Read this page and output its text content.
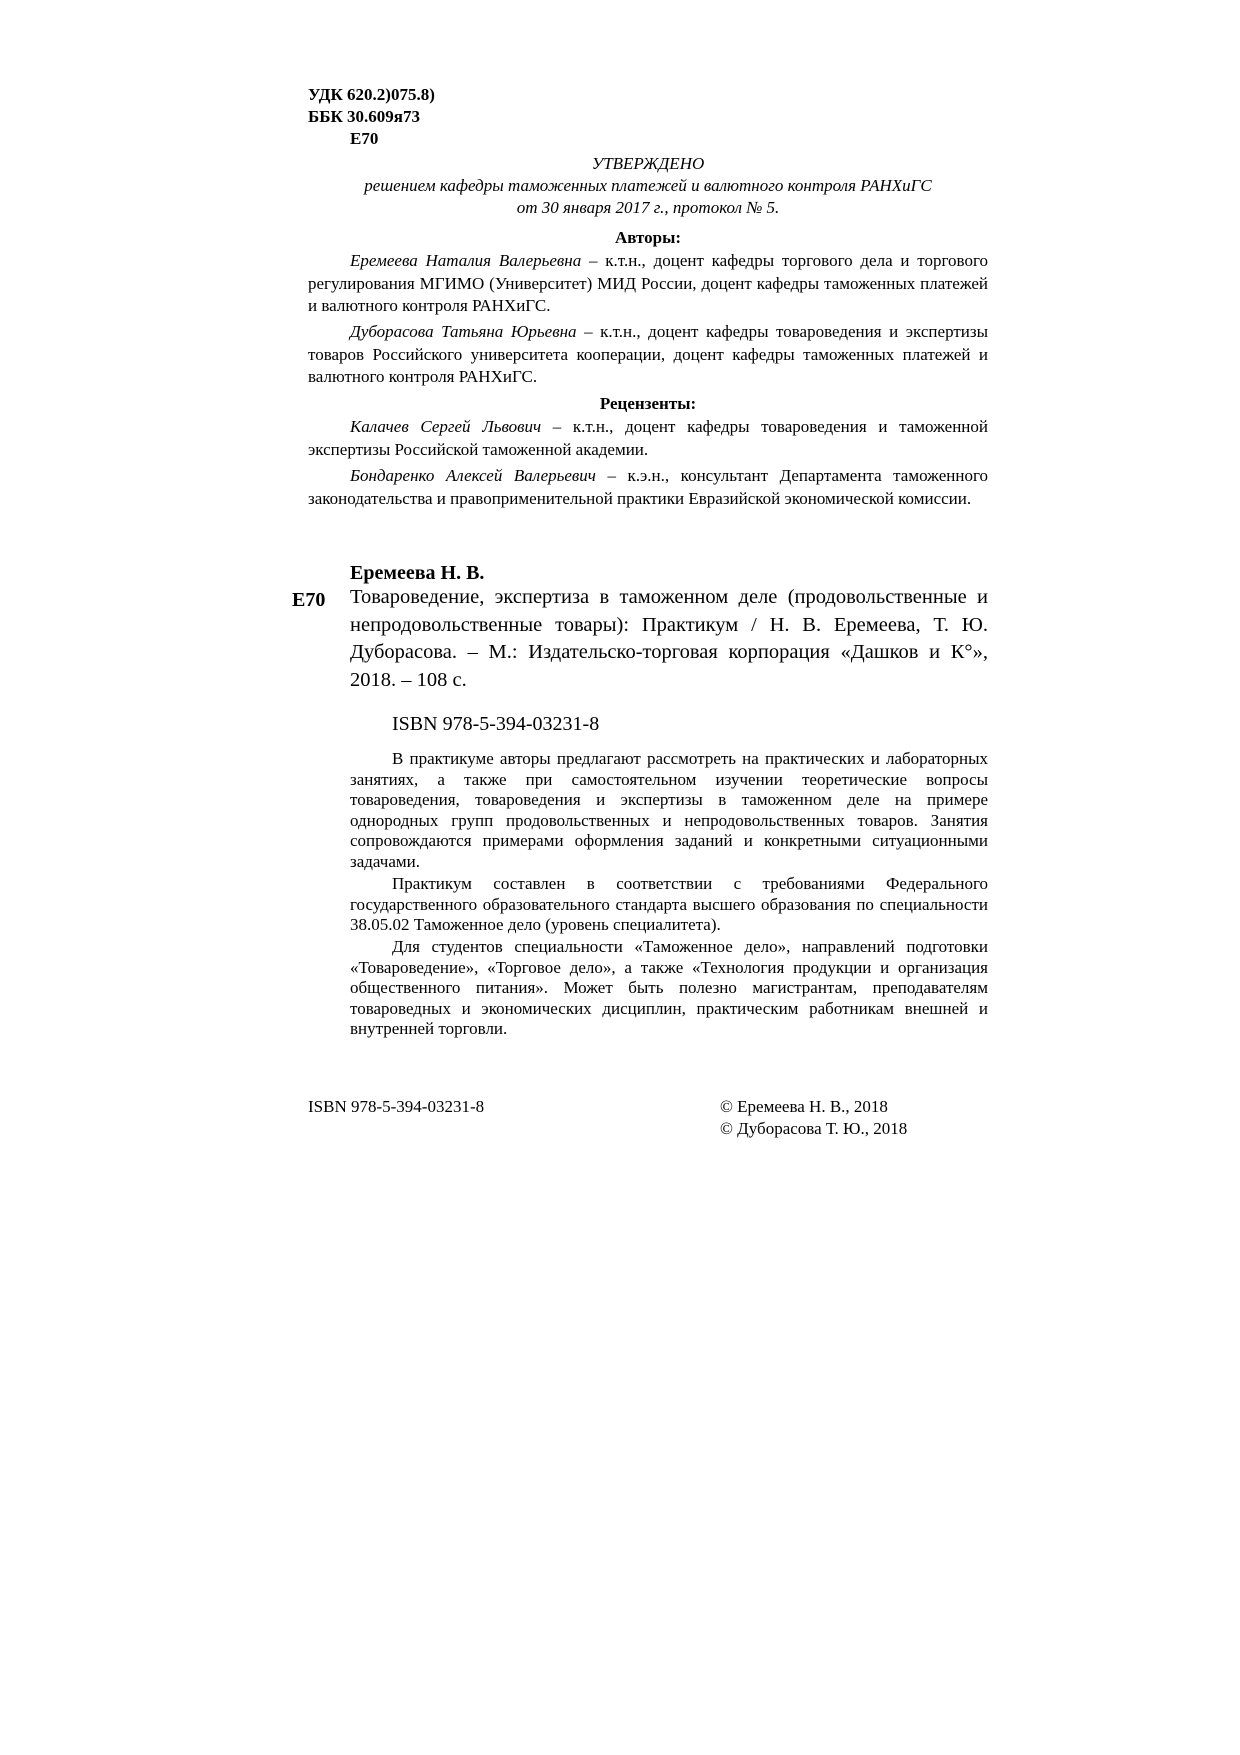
УДК 620.2)075.8)
ББК 30.609я73
Е70
УТВЕРЖДЕНО
решением кафедры таможенных платежей и валютного контроля РАНХиГС
от 30 января 2017 г., протокол № 5.
Авторы:
Еремеева Наталия Валерьевна – к.т.н., доцент кафедры торгового дела и торгового регулирования МГИМО (Университет) МИД России, доцент кафедры таможенных платежей и валютного контроля РАНХиГС.
Дуборасова Татьяна Юрьевна – к.т.н., доцент кафедры товароведения и экспертизы товаров Российского университета кооперации, доцент кафедры таможенных платежей и валютного контроля РАНХиГС.
Рецензенты:
Калачев Сергей Львович – к.т.н., доцент кафедры товароведения и таможенной экспертизы Российской таможенной академии.
Бондаренко Алексей Валерьевич – к.э.н., консультант Департамента таможенного законодательства и правоприменительной практики Евразийской экономической комиссии.
Еремеева Н. В.
Е70 Товароведение, экспертиза в таможенном деле (продовольственные и непродовольственные товары): Практикум / Н. В. Еремеева, Т. Ю. Дуборасова. – М.: Издательско-торговая корпорация «Дашков и К°», 2018. – 108 с.
ISBN 978-5-394-03231-8
В практикуме авторы предлагают рассмотреть на практических и лабораторных занятиях, а также при самостоятельном изучении теоретические вопросы товароведения, товароведения и экспертизы в таможенном деле на примере однородных групп продовольственных и непродовольственных товаров. Занятия сопровождаются примерами оформления заданий и конкретными ситуационными задачами.
Практикум составлен в соответствии с требованиями Федерального государственного образовательного стандарта высшего образования по специальности 38.05.02 Таможенное дело (уровень специалитета).
Для студентов специальности «Таможенное дело», направлений подготовки «Товароведение», «Торговое дело», а также «Технология продукции и организация общественного питания». Может быть полезно магистрантам, преподавателям товароведных и экономических дисциплин, практическим работникам внешней и внутренней торговли.
ISBN 978-5-394-03231-8	© Еремеева Н. В., 2018
© Дуборасова Т. Ю., 2018
